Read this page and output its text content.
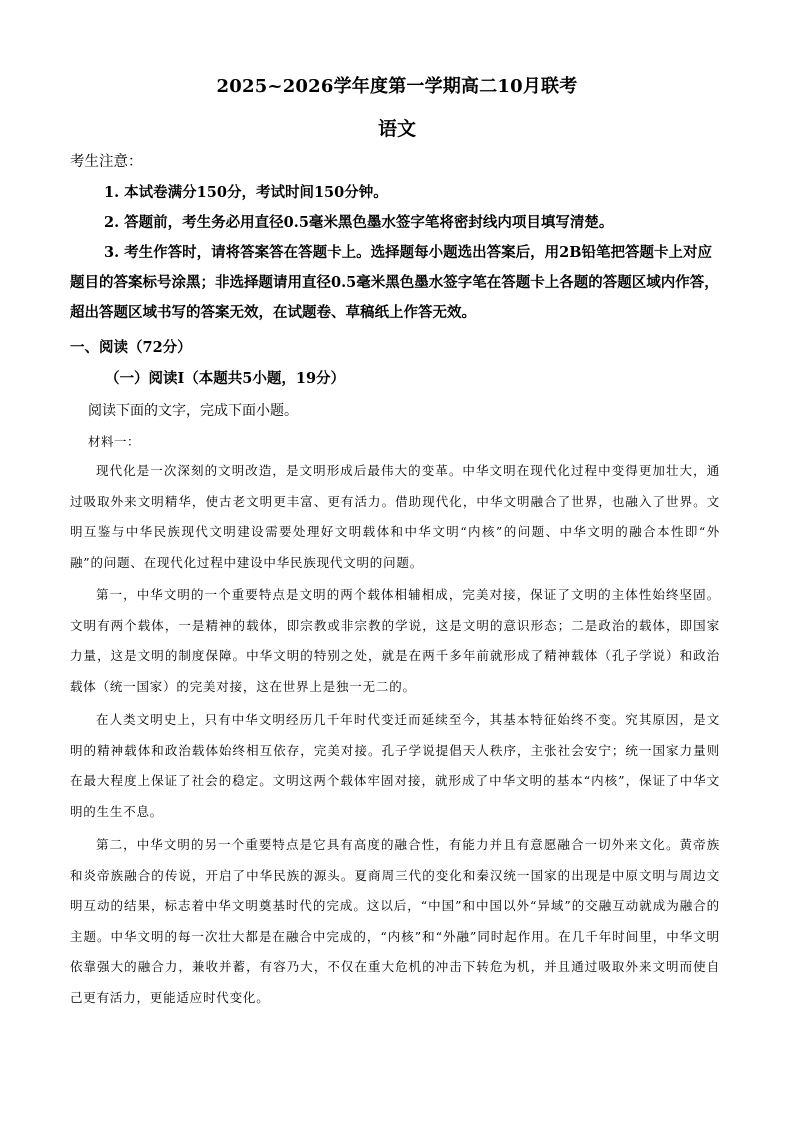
2025~2026学年度第一学期高二10月联考
语文
考生注意：

1. 本试卷满分150分，考试时间150分钟。

2. 答题前，考生务必用直径0.5毫米黑色墨水签字笔将密封线内项目填写清楚。

3. 考生作答时，请将答案答在答题卡上。选择题每小题选出答案后，用2B铅笔把答题卡上对应题目的答案标号涂黑；非选择题请用直径0.5毫米黑色墨水签字笔在答题卡上各题的答题区域内作答，超出答题区域书写的答案无效，在试题卷、草稿纸上作答无效。

一、阅读（72分）
（一）阅读Ⅰ（本题共5小题，19分）
阅读下面的文字，完成下面小题。
材料一：

现代化是一次深刻的文明改造，是文明形成后最伟大的变革。中华文明在现代化过程中变得更加壮大，通过吸取外来文明精华，使古老文明更丰富、更有活力。借助现代化，中华文明融合了世界，也融入了世界。文明互鉴与中华民族现代文明建设需要处理好文明载体和中华文明“内核”的问题、中华文明的融合本性即“外融”的问题、在现代化过程中建设中华民族现代文明的问题。

第一，中华文明的一个重要特点是文明的两个载体相辅相成，完美对接，保证了文明的主体性始终坚固。文明有两个载体，一是精神的载体，即宗教或非宗教的学说，这是文明的意识形态；二是政治的载体，即国家力量，这是文明的制度保障。中华文明的特别之处，就是在两千多年前就形成了精神载体（孔子学说）和政治载体（统一国家）的完美对接，这在世界上是独一无二的。

在人类文明史上，只有中华文明经历几千年时代变迁而延续至今，其基本特征始终不变。究其原因，是文明的精神载体和政治载体始终相互依存，完美对接。孔子学说提倡天人秩序，主张社会安宁；统一国家力量则在最大程度上保证了社会的稳定。文明这两个载体牢固对接，就形成了中华文明的基本“内核”，保证了中华文明的生生不息。

第二，中华文明的另一个重要特点是它具有高度的融合性，有能力并且有意愿融合一切外来文化。黄帝族和炎帝族融合的传说，开启了中华民族的源头。夏商周三代的变化和秦汉统一国家的出现是中原文明与周边文明互动的结果，标志着中华文明奠基时代的完成。这以后，“中国”和中国以外“异域”的交融互动就成为融合的主题。中华文明的每一次壮大都是在融合中完成的，“内核”和“外融”同时起作用。在几千年时间里，中华文明依靠强大的融合力，兼收并蓄，有容乃大，不仅在重大危机的冲击下转危为机，并且通过吸取外来文明而使自己更有活力，更能适应时代变化。
